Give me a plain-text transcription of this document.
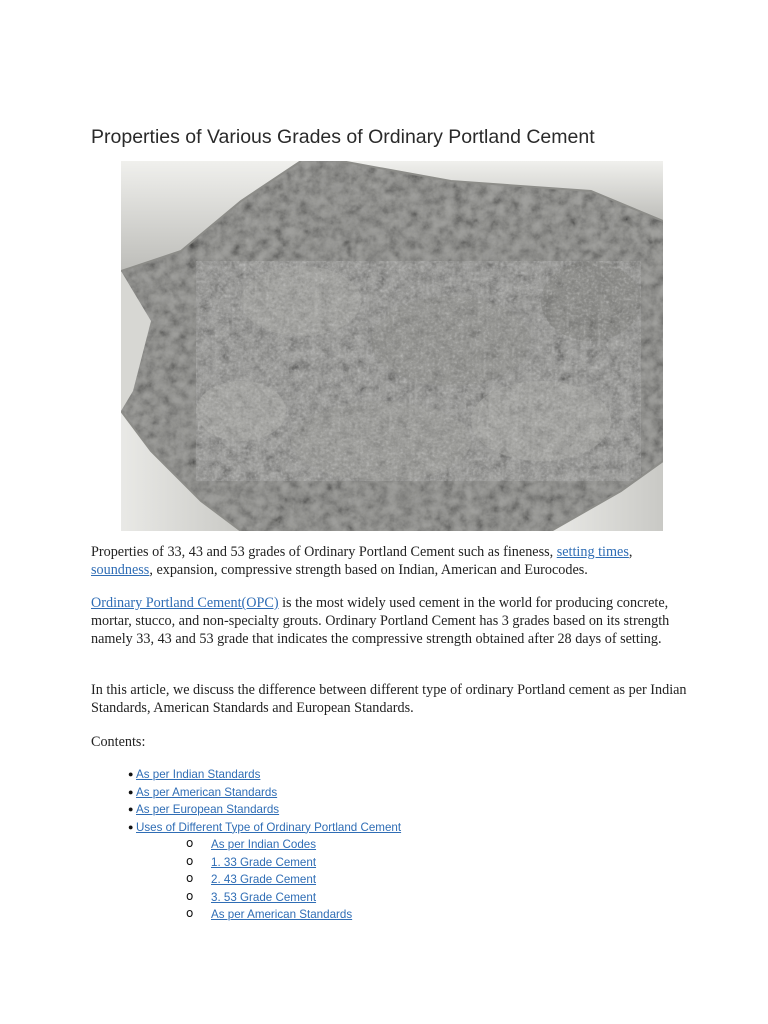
Properties of Various Grades of Ordinary Portland Cement

Properties of 33, 43 and 53 grades of Ordinary Portland Cement such as fineness, setting times, soundness, expansion, compressive strength based on Indian, American and Eurocodes.

Ordinary Portland Cement(OPC) is the most widely used cement in the world for producing concrete, mortar, stucco, and non-specialty grouts. Ordinary Portland Cement has 3 grades based on its strength namely 33, 43 and 53 grade that indicates the compressive strength obtained after 28 days of setting.

In this article, we discuss the difference between different type of ordinary Portland cement as per Indian Standards, American Standards and European Standards.

Contents:

● As per Indian Standards
● As per American Standards
● As per European Standards
● Uses of Different Type of Ordinary Portland Cement
o As per Indian Codes
o 1. 33 Grade Cement
o 2. 43 Grade Cement
o 3. 53 Grade Cement
o As per American Standards
